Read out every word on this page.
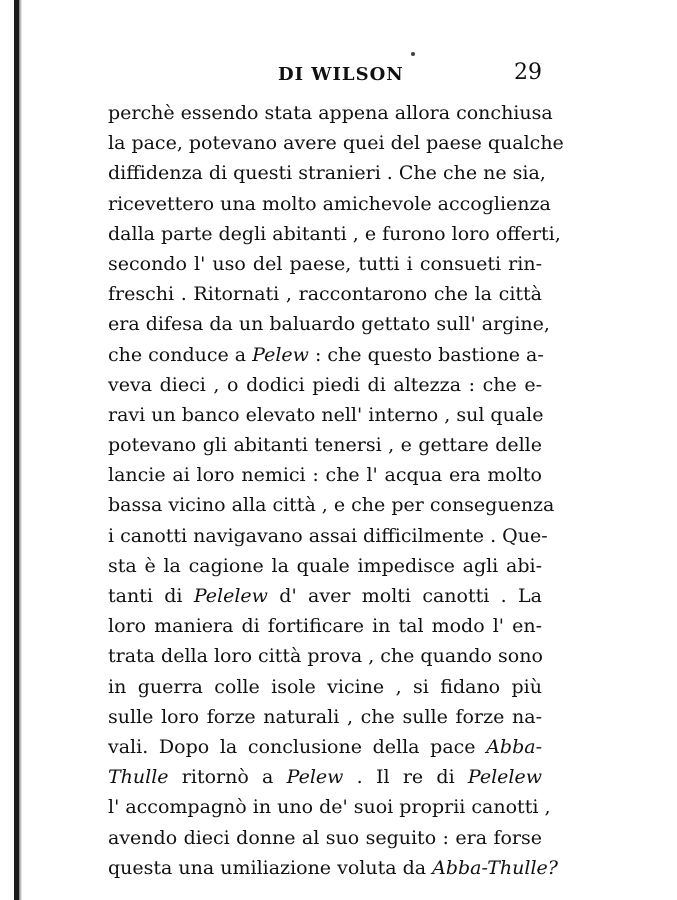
DI WILSON	29
perchè essendo stata appena allora conchiusa
la pace, potevano avere quei del paese qualche
diffidenza di questi stranieri . Che che ne sia,
ricevettero una molto amichevole accoglienza
dalla parte degli abitanti , e furono loro offerti,
secondo l' uso del paese, tutti i consueti rin-
freschi . Ritornati , raccontarono che la città
era difesa da un baluardo gettato sull' argine,
che conduce a Pelew : che questo bastione a-
veva dieci , o dodici piedi di altezza : che e-
ravi un banco elevato nell' interno , sul quale
potevano gli abitanti tenersi , e gettare delle
lancie ai loro nemici : che l' acqua era molto
bassa vicino alla città , e che per conseguenza
i canotti navigavano assai difficilmente . Que-
sta è la cagione la quale impedisce agli abi-
tanti di Pelelew d' aver molti canotti . La
loro maniera di fortificare in tal modo l' en-
trata della loro città prova , che quando sono
in guerra colle isole vicine , si fidano più
sulle loro forze naturali , che sulle forze na-
vali. Dopo la conclusione della pace Abba-
Thulle ritornò a Pelew . Il re di Pelelew
l' accompagnò in uno de' suoi proprii canotti ,
avendo dieci donne al suo seguito : era forse
questa una umiliazione voluta da Abba-Thulle?
